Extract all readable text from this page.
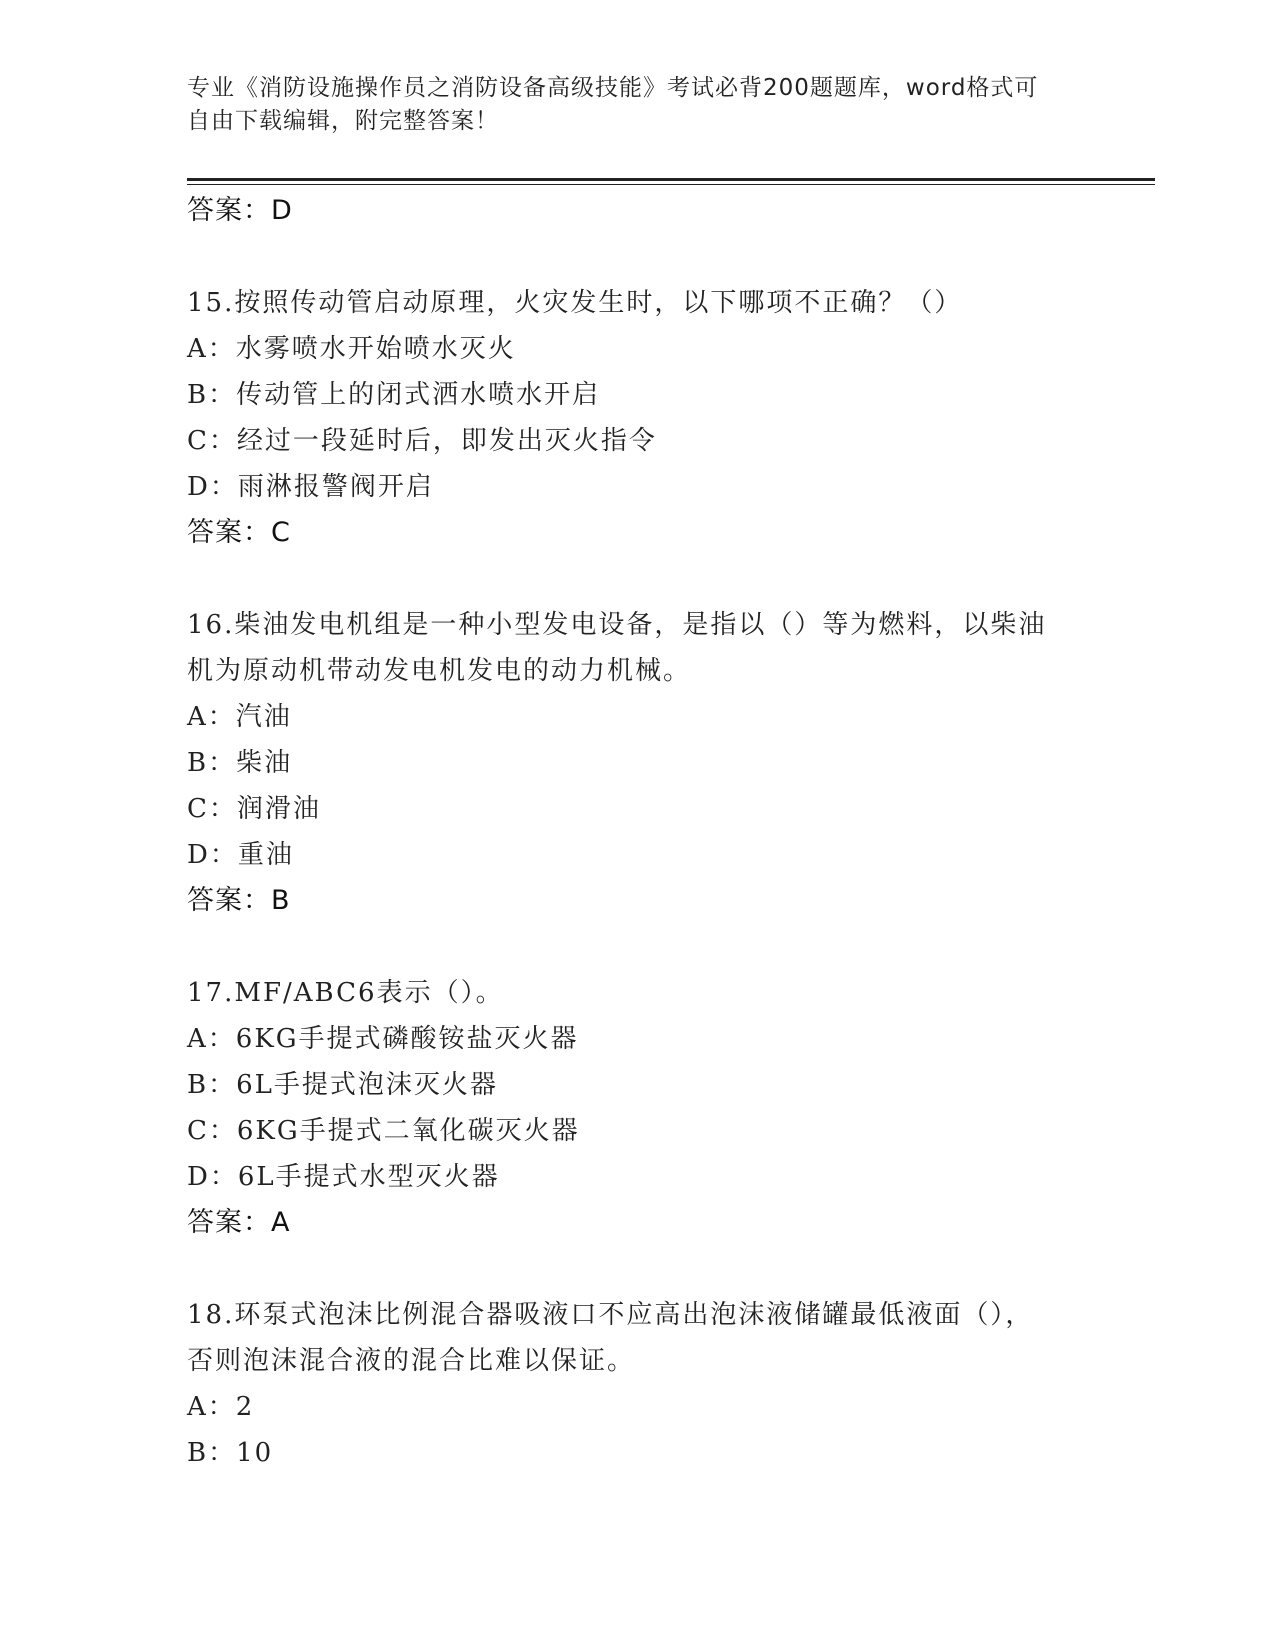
专业《消防设施操作员之消防设备高级技能》考试必背200题题库，word格式可
自由下载编辑，附完整答案！
答案：D
15.按照传动管启动原理，火灾发生时，以下哪项不正确？（）
A：水雾喷水开始喷水灭火
B：传动管上的闭式洒水喷水开启
C：经过一段延时后，即发出灭火指令
D：雨淋报警阀开启
答案：C
16.柴油发电机组是一种小型发电设备，是指以（）等为燃料，以柴油
机为原动机带动发电机发电的动力机械。
A：汽油
B：柴油
C：润滑油
D：重油
答案：B
17.MF/ABC6表示（）。
A：6KG手提式磷酸铵盐灭火器
B：6L手提式泡沫灭火器
C：6KG手提式二氧化碳灭火器
D：6L手提式水型灭火器
答案：A
18.环泵式泡沫比例混合器吸液口不应高出泡沫液储罐最低液面（），
否则泡沫混合液的混合比难以保证。
A：2
B：10
